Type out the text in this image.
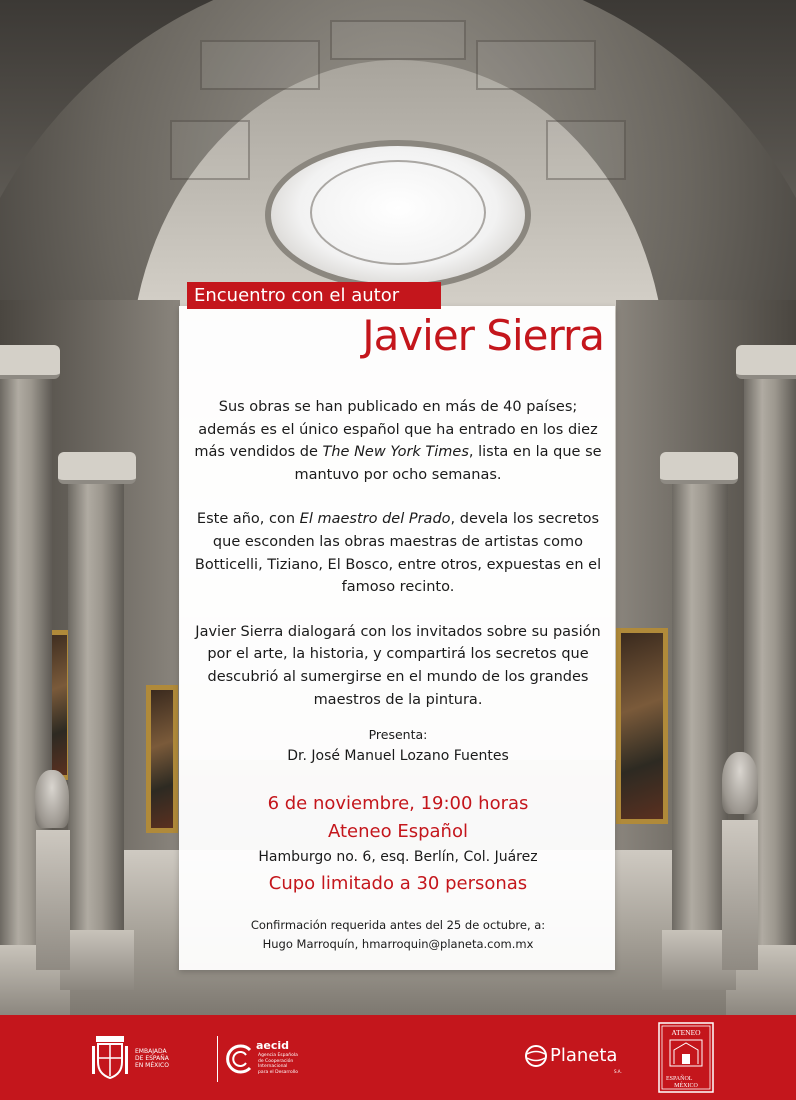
Encuentro con el autor
Javier Sierra

Sus obras se han publicado en más de 40 países; además es el único español que ha entrado en los diez más vendidos de The New York Times, lista en la que se mantuvo por ocho semanas.

Este año, con El maestro del Prado, devela los secretos que esconden las obras maestras de artistas como Botticelli, Tiziano, El Bosco, entre otros, expuestas en el famoso recinto.

Javier Sierra dialogará con los invitados sobre su pasión por el arte, la historia, y compartirá los secretos que descubrió al sumergirse en el mundo de los grandes maestros de la pintura.

Presenta:
Dr. José Manuel Lozano Fuentes
6 de noviembre, 19:00 horas
Ateneo Español
Hamburgo no. 6, esq. Berlín, Col. Juárez
Cupo limitado a 30 personas
Confirmación requerida antes del 25 de octubre, a:
Hugo Marroquín, hmarroquin@planeta.com.mx
EMBAJADA
DE ESPAÑA
EN MÉXICO
aecid
Agencia Española
de Cooperación
Internacional
para el Desarrollo
Planeta
S.A.
ATENEO
ESPAÑOL
MÉXICO
